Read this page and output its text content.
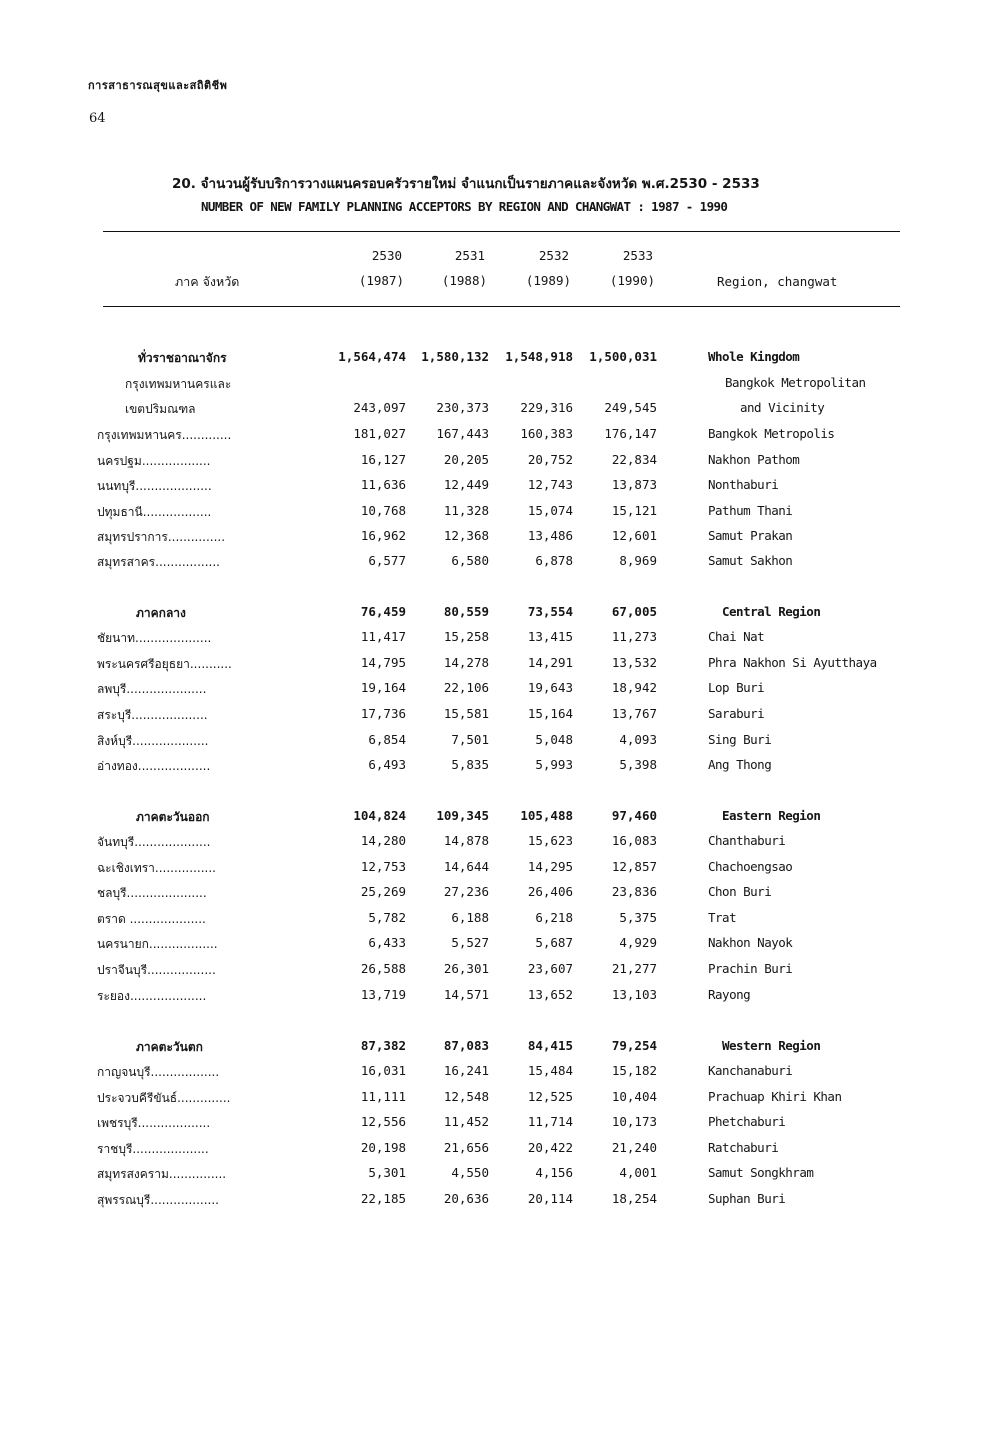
การสาธารณสุขและสถิติชีพ
64
20. จำนวนผู้รับบริการวางแผนครอบครัวรายใหม่ จำแนกเป็นรายภาคและจังหวัด พ.ศ.2530 - 2533
NUMBER OF NEW FAMILY PLANNING ACCEPTORS BY REGION AND CHANGWAT : 1987 - 1990
ภาค จังหวัด
2530	2531	2532	2533
(1987)	(1988)	(1989)	(1990)	Region, changwat
ทั่วราชอาณาจักร	1,564,474	1,580,132	1,548,918	1,500,031	Whole Kingdom
กรุงเทพมหานครและ	Bangkok Metropolitan
เขตปริมณฑล	243,097	230,373	229,316	249,545	and Vicinity
กรุงเทพมหานคร.............	181,027	167,443	160,383	176,147	Bangkok Metropolis
นครปฐม..................	16,127	20,205	20,752	22,834	Nakhon Pathom
นนทบุรี....................	11,636	12,449	12,743	13,873	Nonthaburi
ปทุมธานี..................	10,768	11,328	15,074	15,121	Pathum Thani
สมุทรปราการ...............	16,962	12,368	13,486	12,601	Samut Prakan
สมุทรสาคร.................	6,577	6,580	6,878	8,969	Samut Sakhon
ภาคกลาง	76,459	80,559	73,554	67,005	Central Region
ชัยนาท....................	11,417	15,258	13,415	11,273	Chai Nat
พระนครศรีอยุธยา...........	14,795	14,278	14,291	13,532	Phra Nakhon Si Ayutthaya
ลพบุรี.....................	19,164	22,106	19,643	18,942	Lop Buri
สระบุรี....................	17,736	15,581	15,164	13,767	Saraburi
สิงห์บุรี....................	6,854	7,501	5,048	4,093	Sing Buri
อ่างทอง...................	6,493	5,835	5,993	5,398	Ang Thong
ภาคตะวันออก	104,824	109,345	105,488	97,460	Eastern Region
จันทบุรี....................	14,280	14,878	15,623	16,083	Chanthaburi
ฉะเชิงเทรา................	12,753	14,644	14,295	12,857	Chachoengsao
ชลบุรี.....................	25,269	27,236	26,406	23,836	Chon Buri
ตราด ....................	5,782	6,188	6,218	5,375	Trat
นครนายก..................	6,433	5,527	5,687	4,929	Nakhon Nayok
ปราจีนบุรี..................	26,588	26,301	23,607	21,277	Prachin Buri
ระยอง....................	13,719	14,571	13,652	13,103	Rayong
ภาคตะวันตก	87,382	87,083	84,415	79,254	Western Region
กาญจนบุรี..................	16,031	16,241	15,484	15,182	Kanchanaburi
ประจวบคีรีขันธ์..............	11,111	12,548	12,525	10,404	Prachuap Khiri Khan
เพชรบุรี...................	12,556	11,452	11,714	10,173	Phetchaburi
ราชบุรี....................	20,198	21,656	20,422	21,240	Ratchaburi
สมุทรสงคราม...............	5,301	4,550	4,156	4,001	Samut Songkhram
สุพรรณบุรี..................	22,185	20,636	20,114	18,254	Suphan Buri
